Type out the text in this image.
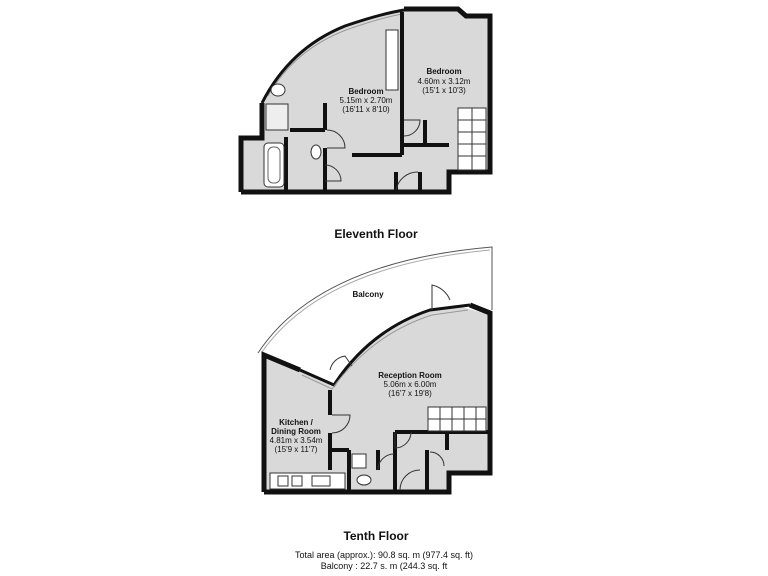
Bedroom
5.15m x 2.70m
(16'11 x 8'10)
Bedroom
4.60m x 3.12m
(15'1 x 10'3)
Eleventh Floor
Balcony
Reception Room
5.06m x 6.00m
(16'7 x 19'8)
Kitchen /
Dining Room
4.81m x 3.54m
(15'9 x 11'7)
Tenth Floor
Total area (approx.): 90.8 sq. m (977.4 sq. ft)
Balcony : 22.7 s. m (244.3 sq. ft
